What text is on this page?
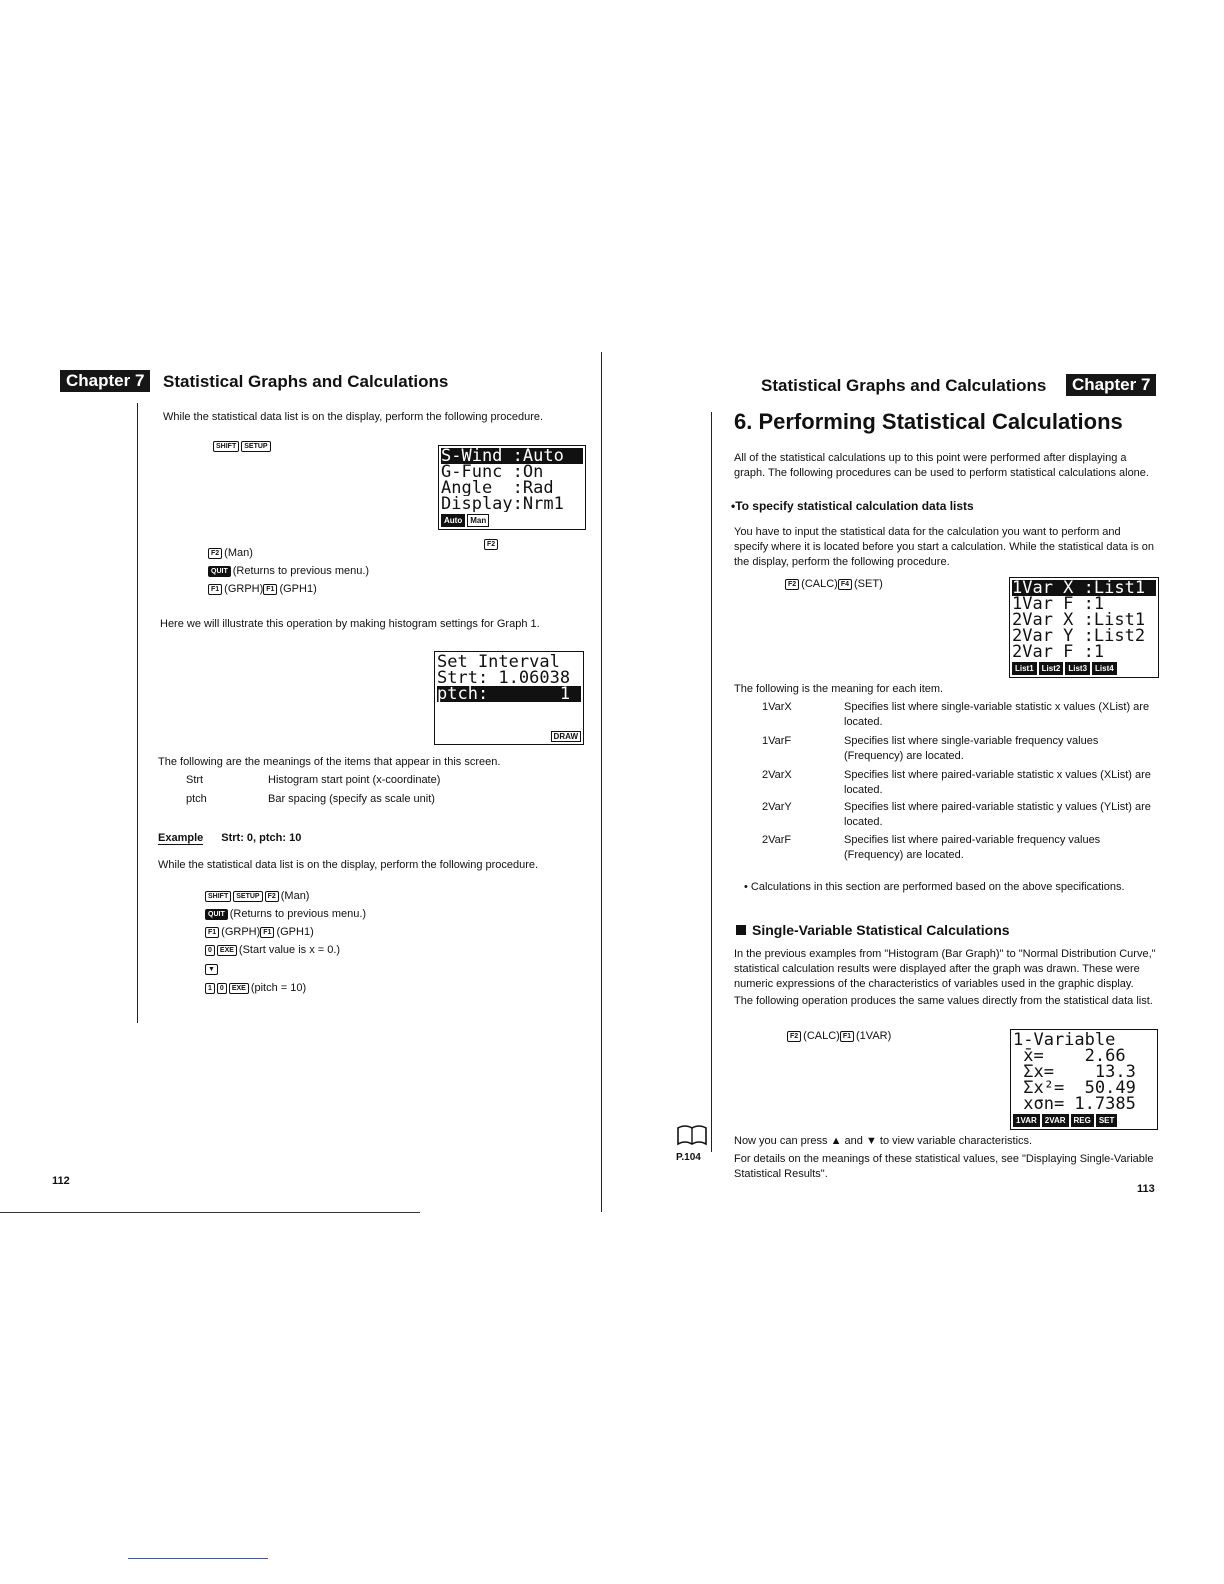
Chapter 7	Statistical Graphs and Calculations
While the statistical data list is on the display, perform the following procedure.
SHIFT SETUP	S-Wind :Auto
G-Func :On
Angle  :Rad
Display:Nrm1
Auto	Man
F2
F2 (Man)
QUIT (Returns to previous menu.)
F1 (GRPH) F1 (GPH1)
Here we will illustrate this operation by making histogram settings for Graph 1.
Set Interval
Strt: 1.06038
ptch:       1
DRAW
The following are the meanings of the items that appear in this screen.
Strt	Histogram start point (x-coordinate)
ptch	Bar spacing (specify as scale unit)
Example Strt: 0, ptch: 10
While the statistical data list is on the display, perform the following procedure.
SHIFT SETUP F2 (Man)
QUIT (Returns to previous menu.)
F1 (GRPH) F1 (GPH1)
0 EXE (Start value is x = 0.)
▼
1 0 EXE (pitch = 10)
112
Statistical Graphs and Calculations	Chapter 7
6. Performing Statistical Calculations
All of the statistical calculations up to this point were performed after displaying a graph. The following procedures can be used to perform statistical calculations alone.
•To specify statistical calculation data lists
You have to input the statistical data for the calculation you want to perform and specify where it is located before you start a calculation. While the statistical data is on the display, perform the following procedure.
F2 (CALC) F4 (SET)	1Var X :List1
1Var F :1
2Var X :List1
2Var Y :List2
2Var F :1
List1	List2	List3	List4
The following is the meaning for each item.
1VarX	Specifies list where single-variable statistic x values (XList) are located.
1VarF	Specifies list where single-variable frequency values (Frequency) are located.
2VarX	Specifies list where paired-variable statistic x values (XList) are located.
2VarY	Specifies list where paired-variable statistic y values (YList) are located.
2VarF	Specifies list where paired-variable frequency values (Frequency) are located.
• Calculations in this section are performed based on the above specifications.
Single-Variable Statistical Calculations
In the previous examples from "Histogram (Bar Graph)" to "Normal Distribution Curve," statistical calculation results were displayed after the graph was drawn. These were numeric expressions of the characteristics of variables used in the graphic display.
The following operation produces the same values directly from the statistical data list.
F2 (CALC) F1 (1VAR)	1-Variable
x̄=    2.66
Σx=    13.3
Σx²=  50.49
xσn= 1.7385
1VAR	2VAR	REG	SET
P.104
Now you can press ▲ and ▼ to view variable characteristics.
For details on the meanings of these statistical values, see "Displaying Single-Variable Statistical Results".
113
